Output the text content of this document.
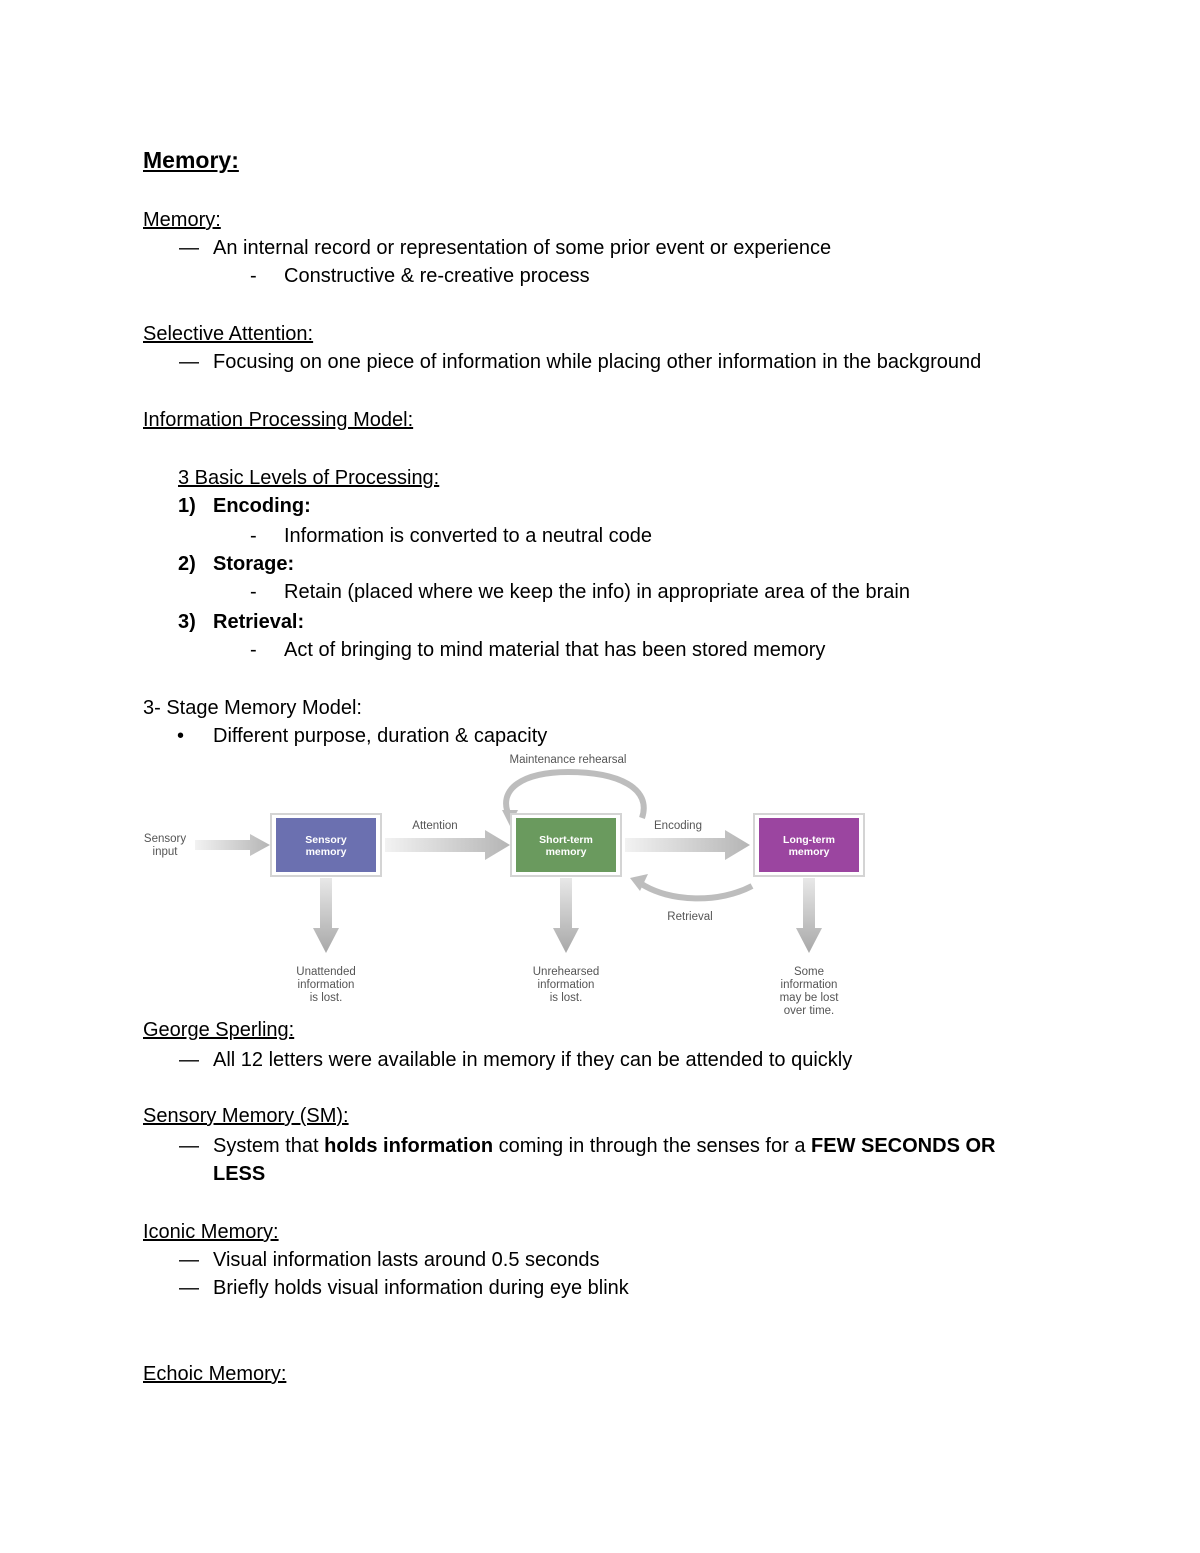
Memory:
Memory:
— An internal record or representation of some prior event or experience
- Constructive & re-creative process
Selective Attention:
— Focusing on one piece of information while placing other information in the background
Information Processing Model:
3 Basic Levels of Processing:
1) Encoding:
- Information is converted to a neutral code
2) Storage:
- Retain (placed where we keep the info) in appropriate area of the brain
3) Retrieval:
- Act of bringing to mind material that has been stored memory
3- Stage Memory Model:
• Different purpose, duration & capacity
Sensory
input
Sensory
memory
Short-term
memory
Long-term
memory
Attention	Encoding
Maintenance rehearsal
Retrieval
Unattended
information
is lost.
Unrehearsed
information
is lost.
Some
information
may be lost
over time.
George Sperling:
— All 12 letters were available in memory if they can be attended to quickly
Sensory Memory (SM):
— System that holds information coming in through the senses for a FEW SECONDS OR
LESS
Iconic Memory:
— Visual information lasts around 0.5 seconds
— Briefly holds visual information during eye blink
Echoic Memory:
